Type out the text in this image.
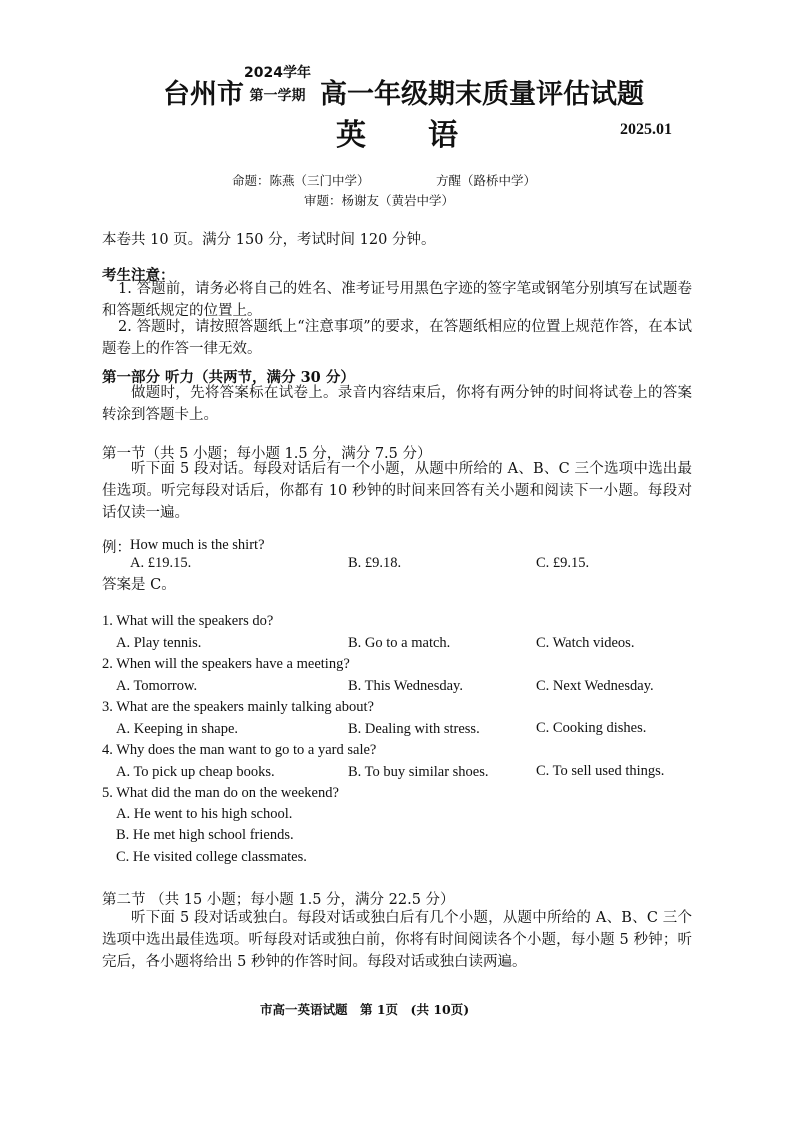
台州市
2024学年
第一学期 高一年级期末质量评估试题
英语	2025.01
命题：陈燕（三门中学）	方醒（路桥中学）
审题：杨谢友（黄岩中学）
本卷共 10 页。满分 150 分，考试时间 120 分钟。
考生注意：
1. 答题前，请务必将自己的姓名、准考证号用黑色字迹的签字笔或钢笔分别填写在试题卷和答题纸规定的位置上。
2. 答题时，请按照答题纸上“注意事项”的要求，在答题纸相应的位置上规范作答，在本试题卷上的作答一律无效。
第一部分 听力（共两节，满分 30 分）
做题时，先将答案标在试卷上。录音内容结束后，你将有两分钟的时间将试卷上的答案转涂到答题卡上。
第一节（共 5 小题；每小题 1.5 分，满分 7.5 分）
听下面 5 段对话。每段对话后有一个小题，从题中所给的 A、B、C 三个选项中选出最佳选项。听完每段对话后，你都有 10 秒钟的时间来回答有关小题和阅读下一小题。每段对话仅读一遍。
例： How much is the shirt?
A. £19.15.	B. £9.18.	C. £9.15.
答案是 C。
1. What will the speakers do?
A. Play tennis.	B. Go to a match.	C. Watch videos.
2. When will the speakers have a meeting?
A. Tomorrow.	B. This Wednesday.	C. Next Wednesday.
3. What are the speakers mainly talking about?
A. Keeping in shape.	B. Dealing with stress.	C. Cooking dishes.
4. Why does the man want to go to a yard sale?
A. To pick up cheap books.	B. To buy similar shoes.	C. To sell used things.
5. What did the man do on the weekend?
A. He went to his high school.
B. He met high school friends.
C. He visited college classmates.
第二节 （共 15 小题；每小题 1.5 分，满分 22.5 分）
听下面 5 段对话或独白。每段对话或独白后有几个小题，从题中所给的 A、B、C 三个选项中选出最佳选项。听每段对话或独白前，你将有时间阅读各个小题，每小题 5 秒钟；听完后，各小题将给出 5 秒钟的作答时间。每段对话或独白读两遍。
市高一英语试题　第 1页　(共 10页)
